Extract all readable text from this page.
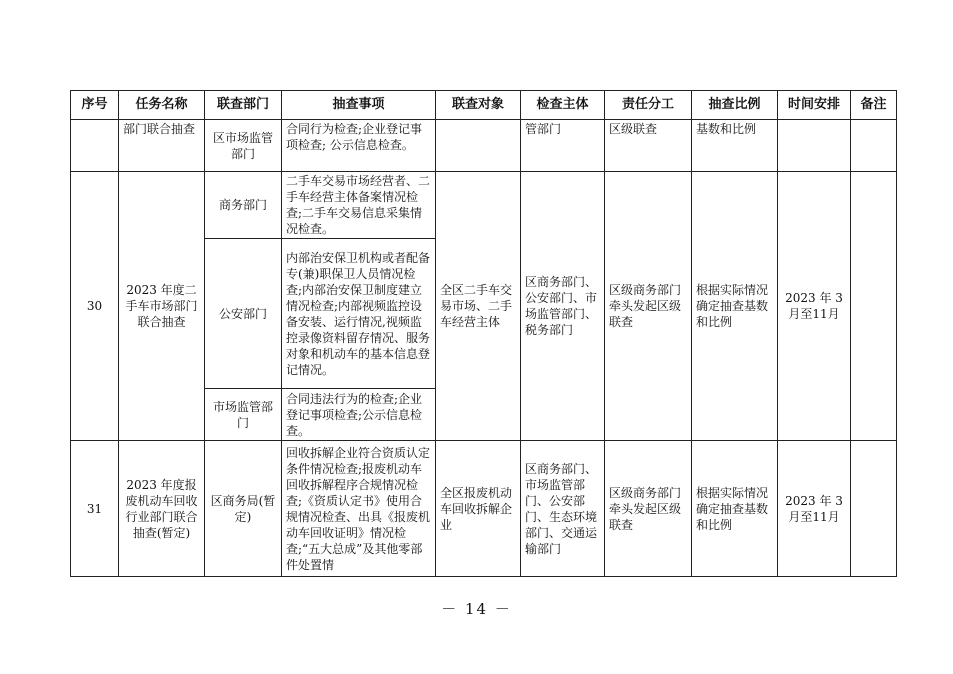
序号	任务名称	联查部门	抽查事项	联查对象	检查主体	责任分工	抽查比例	时间安排	备注
	部门联合抽查	区市场监管部门	合同行为检查;企业登记事项检查; 公示信息检查。		管部门	区级联查	基数和比例		
30	2023 年度二手车市场部门联合抽查	商务部门	二手车交易市场经营者、二手车经营主体备案情况检查;二手车交易信息采集情况检查。	全区二手车交易市场、二手车经营主体	区商务部门、公安部门、市场监管部门、税务部门	区级商务部门牵头发起区级联查	根据实际情况确定抽查基数和比例	2023 年 3 月至11月	
		公安部门	内部治安保卫机构或者配备专(兼)职保卫人员情况检查;内部治安保卫制度建立情况检查;内部视频监控设备安装、运行情况,视频监控录像资料留存情况、服务对象和机动车的基本信息登记情况。						
		市场监管部门	合同违法行为的检查;企业登记事项检查;公示信息检查。						
31	2023 年度报废机动车回收行业部门联合抽查(暂定)	区商务局(暂定)	回收拆解企业符合资质认定条件情况检查;报废机动车回收拆解程序合规情况检查;《资质认定书》使用合规情况检查、出具《报废机动车回收证明》情况检查;“五大总成”及其他零部件处置情	全区报废机动车回收拆解企业	区商务部门、市场监管部门、公安部门、生态环境部门、交通运输部门	区级商务部门牵头发起区级联查	根据实际情况确定抽查基数和比例	2023 年 3 月至11月	
－ 14 －
